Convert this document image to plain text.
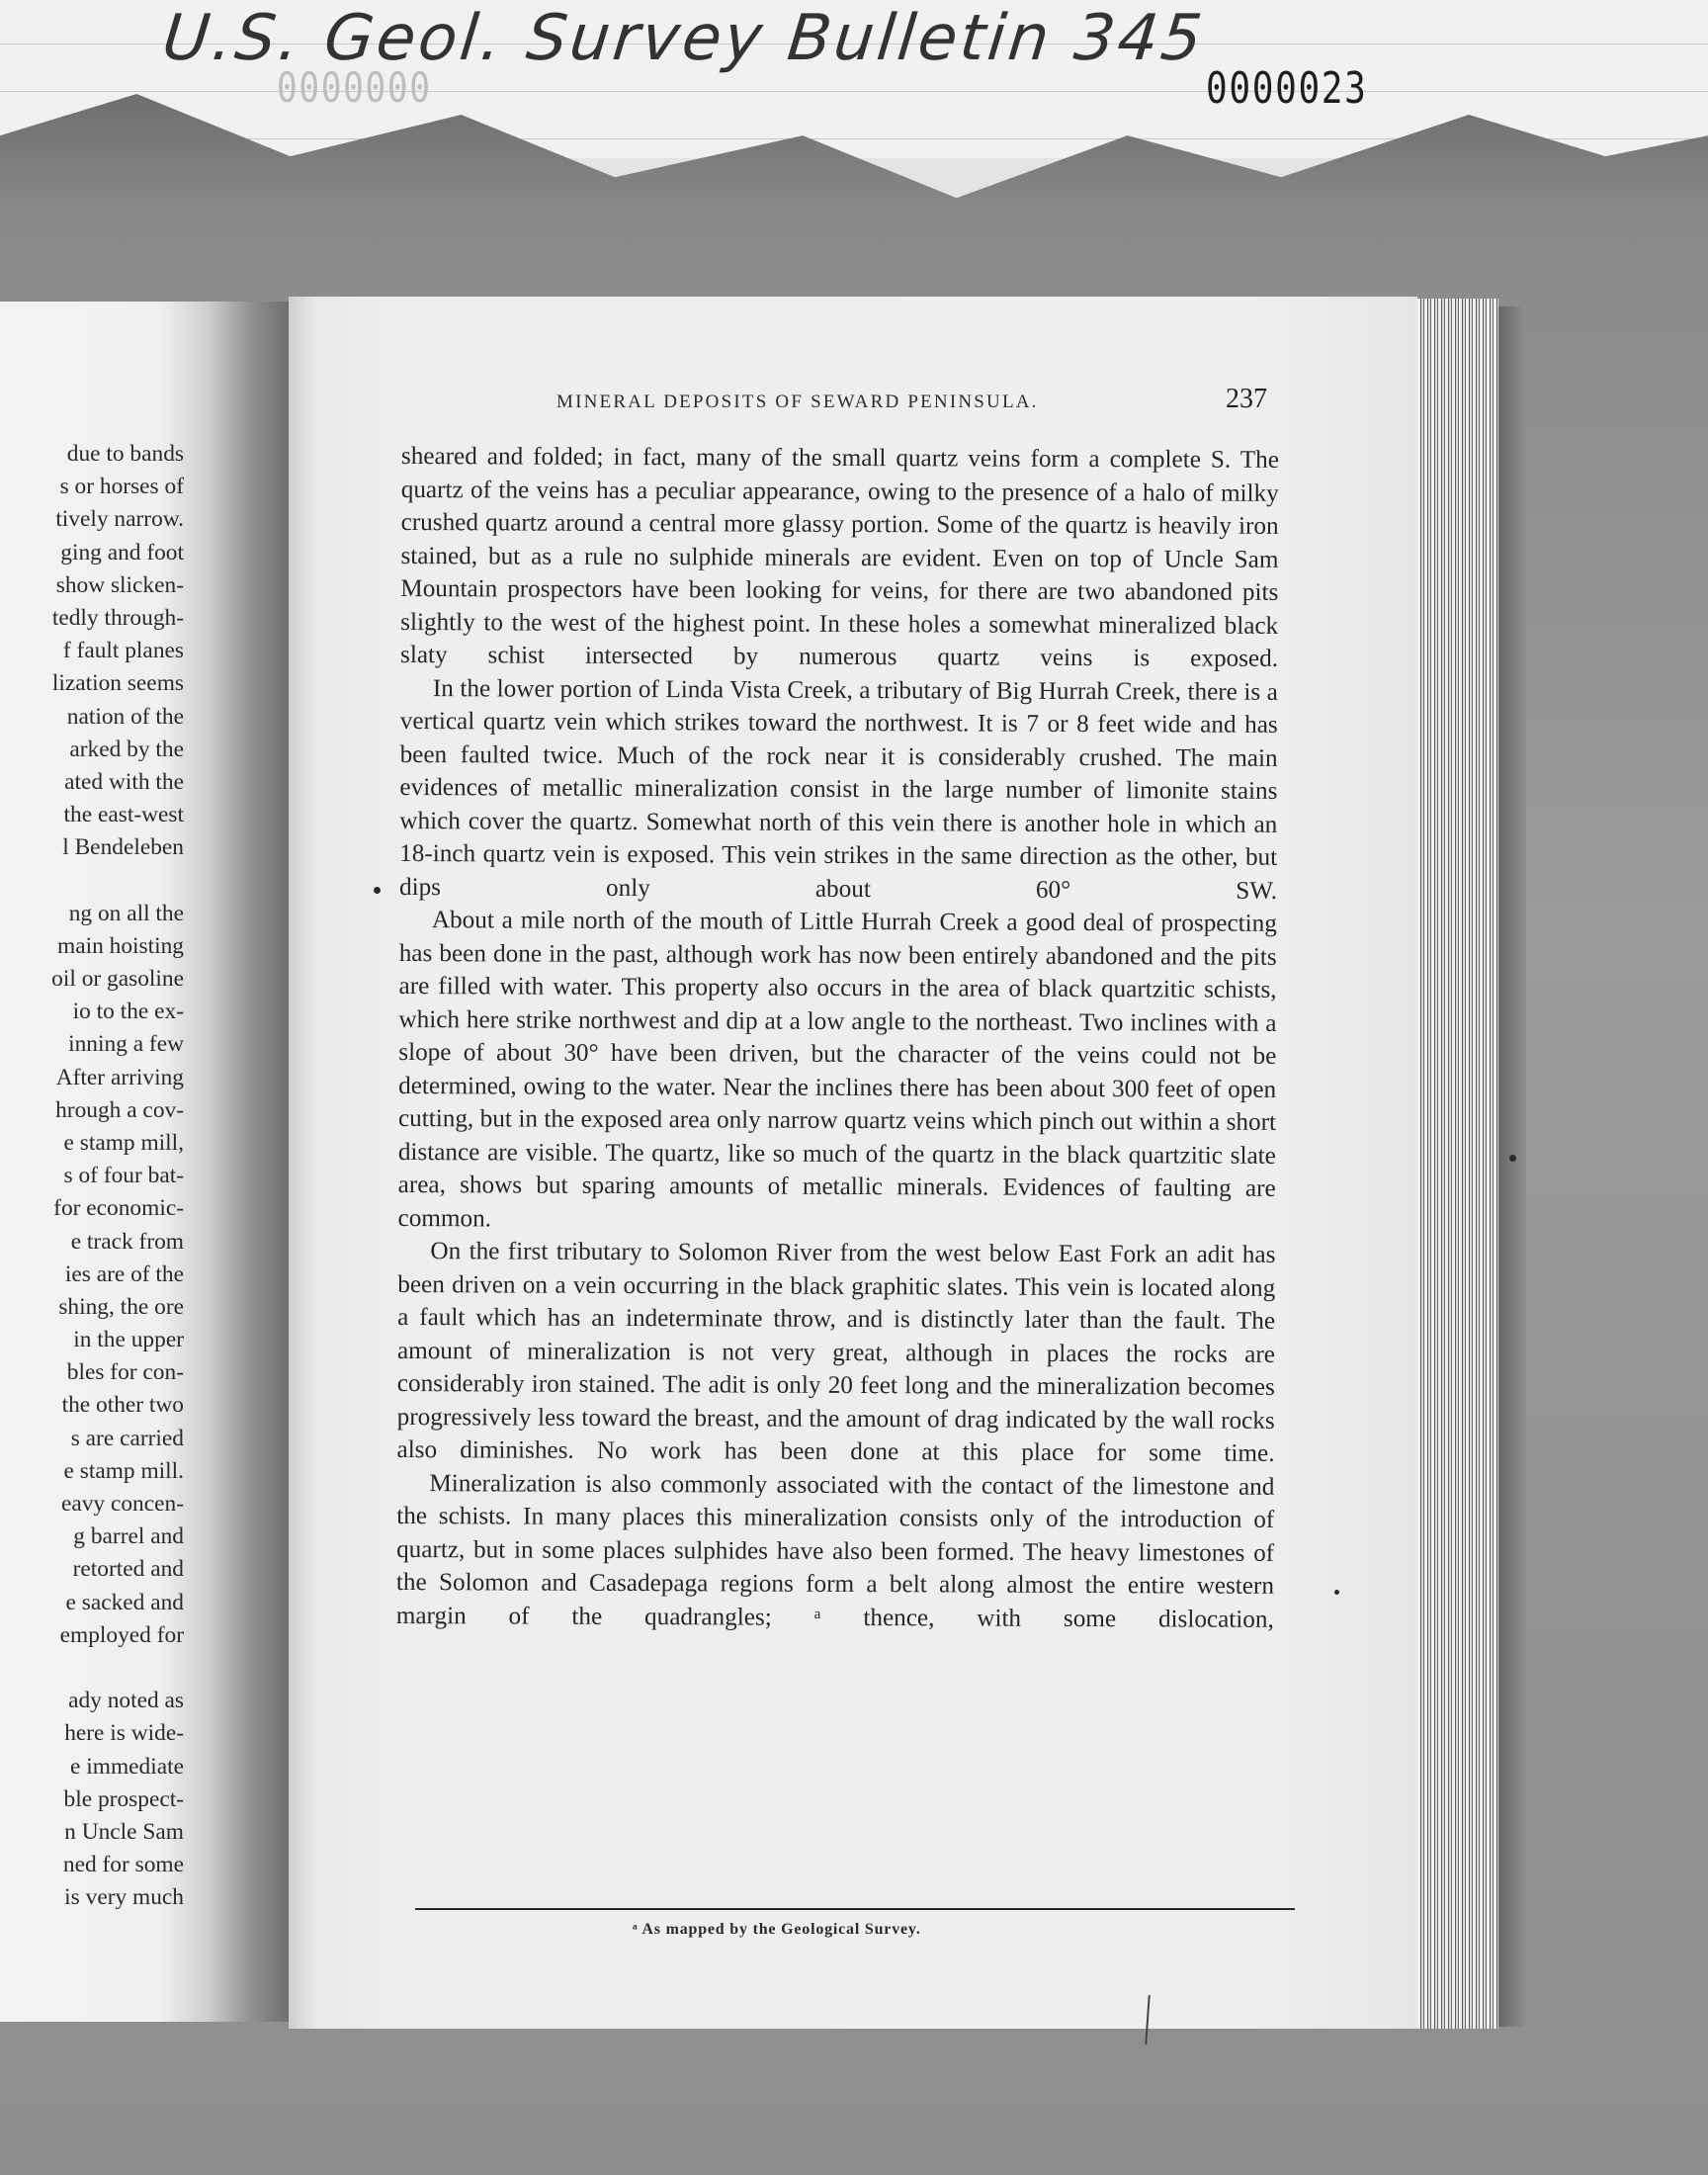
U.S. Geol. Survey Bulletin 345
0000000	0000023
due to bands
s or horses of
tively narrow.
ging and foot
show slicken-
tedly through-
f fault planes
lization seems
nation of the
arked by the
ated with the
the east-west
l Bendeleben
ng on all the
main hoisting
oil or gasoline
io to the ex-
inning a few
After arriving
hrough a cov-
e stamp mill,
s of four bat-
for economic-
e track from
ies are of the
shing, the ore
in the upper
bles for con-
the other two
s are carried
e stamp mill.
eavy concen-
g barrel and
retorted and
e sacked and
employed for
ady noted as
here is wide-
e immediate
ble prospect-
n Uncle Sam
ned for some
is very much
MINERAL DEPOSITS OF SEWARD PENINSULA.	237

sheared and folded; in fact, many of the small quartz veins form a complete S. The quartz of the veins has a peculiar appearance, owing to the presence of a halo of milky crushed quartz around a central more glassy portion. Some of the quartz is heavily iron stained, but as a rule no sulphide minerals are evident. Even on top of Uncle Sam Mountain prospectors have been looking for veins, for there are two abandoned pits slightly to the west of the highest point. In these holes a somewhat mineralized black slaty schist intersected by numerous quartz veins is exposed.

In the lower portion of Linda Vista Creek, a tributary of Big Hurrah Creek, there is a vertical quartz vein which strikes toward the northwest. It is 7 or 8 feet wide and has been faulted twice. Much of the rock near it is considerably crushed. The main evidences of metallic mineralization consist in the large number of limonite stains which cover the quartz. Somewhat north of this vein there is another hole in which an 18-inch quartz vein is exposed. This vein strikes in the same direction as the other, but dips only about 60° SW.

About a mile north of the mouth of Little Hurrah Creek a good deal of prospecting has been done in the past, although work has now been entirely abandoned and the pits are filled with water. This property also occurs in the area of black quartzitic schists, which here strike northwest and dip at a low angle to the northeast. Two inclines with a slope of about 30° have been driven, but the character of the veins could not be determined, owing to the water. Near the inclines there has been about 300 feet of open cutting, but in the exposed area only narrow quartz veins which pinch out within a short distance are visible. The quartz, like so much of the quartz in the black quartzitic slate area, shows but sparing amounts of metallic minerals. Evidences of faulting are common.

On the first tributary to Solomon River from the west below East Fork an adit has been driven on a vein occurring in the black graphitic slates. This vein is located along a fault which has an indeterminate throw, and is distinctly later than the fault. The amount of mineralization is not very great, although in places the rocks are considerably iron stained. The adit is only 20 feet long and the mineralization becomes progressively less toward the breast, and the amount of drag indicated by the wall rocks also diminishes. No work has been done at this place for some time.

Mineralization is also commonly associated with the contact of the limestone and the schists. In many places this mineralization consists only of the introduction of quartz, but in some places sulphides have also been formed. The heavy limestones of the Solomon and Casadepaga regions form a belt along almost the entire western margin of the quadrangles; ᵃ thence, with some dislocation,

ᵃ As mapped by the Geological Survey.
